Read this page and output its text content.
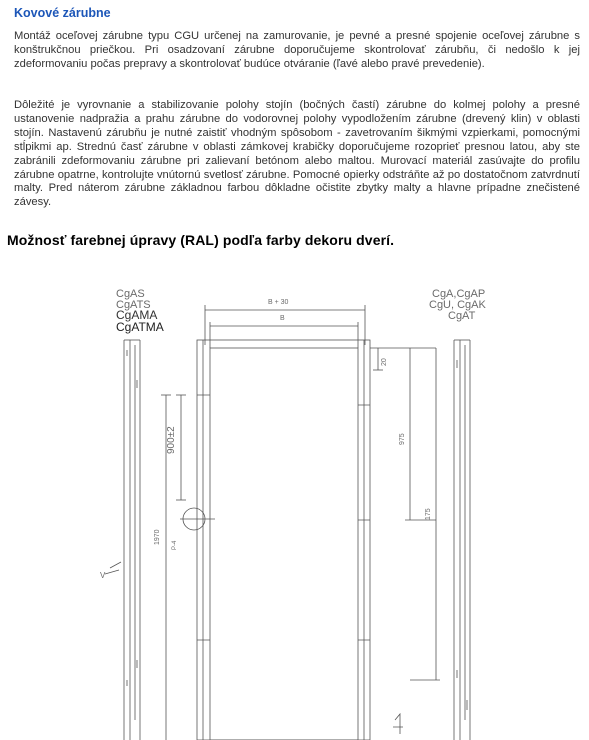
Kovové zárubne

Montáž oceľovej zárubne typu CGU určenej na zamurovanie, je pevné a presné spojenie oceľovej zárubne s konštrukčnou priečkou. Pri osadzovaní zárubne doporučujeme skontrolovať zárubňu, či nedošlo k jej zdeformovaniu počas prepravy a skontrolovať budúce otváranie (ľavé alebo pravé prevedenie).

Dôležité je vyrovnanie a stabilizovanie polohy stojín (bočných častí) zárubne do kolmej polohy a presné ustanovenie nadpražia a prahu zárubne do vodorovnej polohy vypodložením zárubne (drevený klin) v oblasti stojín. Nastavenú zárubňu je nutné zaistiť vhodným spôsobom - zavetrovaním šikmými vzpierkami, pomocnými stĺpikmi ap. Strednú časť zárubne v oblasti zámkovej krabičky doporučujeme rozoprieť presnou latou, aby ste zabránili zdeformovaniu zárubne pri zalievaní betónom alebo maltou. Murovací materiál zasúvajte do profilu zárubne opatrne, kontrolujte vnútornú svetlosť zárubne. Pomocné opierky odstráňte až po dostatočnom zatvrdnutí malty. Pred náterom zárubne základnou farbou dôkladne očistite zbytky malty a hlavne prípadne znečistené závesy.

Možnosť farebnej úpravy (RAL) podľa farby dekoru dverí.
CgAS
CgATS
CgAMA
CgATMA
CgA,CgAP
CgU, CgAK
CgAT
B + 30
B
900±2
1970
20
975
175
V
P-4
